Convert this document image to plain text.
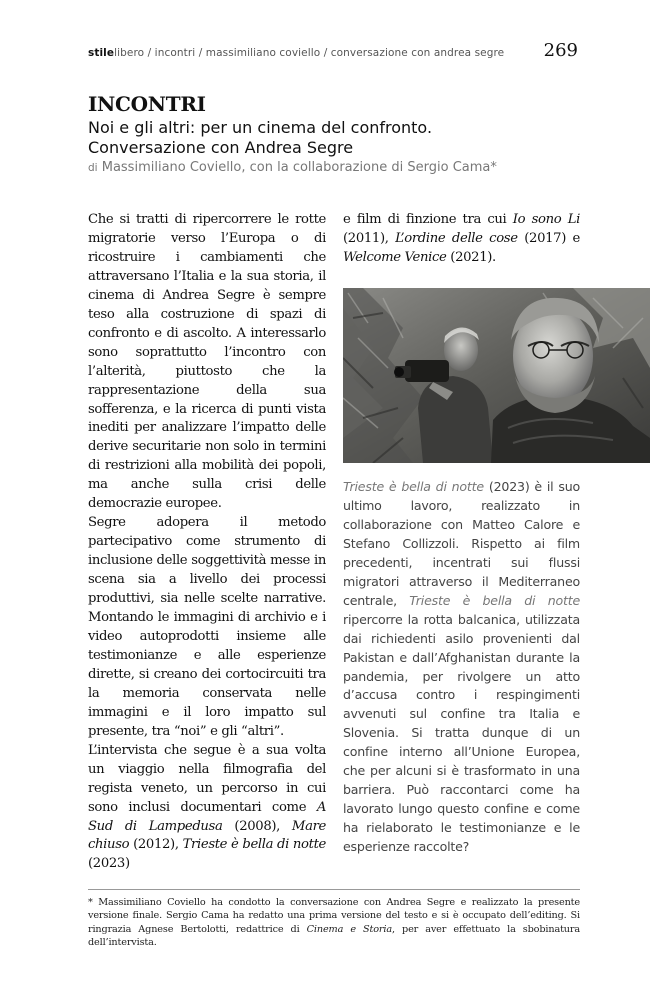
stilelibero / incontri / massimiliano coviello / conversazione con andrea segre 269
INCONTRI
Noi e gli altri: per un cinema del confronto.
Conversazione con Andrea Segre
di Massimiliano Coviello, con la collaborazione di Sergio Cama*

Che si tratti di ripercorrere le rotte migratorie verso l’Europa o di ricostruire i cambiamenti che attraversano l’Italia e la sua storia, il cinema di Andrea Segre è sempre teso alla costruzione di spazi di confronto e di ascolto. A interessarlo sono soprattutto l’incontro con l’alterità, piuttosto che la rappresentazione della sua sofferenza, e la ricerca di punti vista inediti per analizzare l’impatto delle derive securitarie non solo in termini di restrizioni alla mobilità dei popoli, ma anche sulla crisi delle democrazie europee.

Segre adopera il metodo partecipativo come strumento di inclusione delle soggettività messe in scena sia a livello dei processi produttivi, sia nelle scelte narrative. Montando le immagini di archivio e i video autoprodotti insieme alle testimonianze e alle esperienze dirette, si creano dei cortocircuiti tra la memoria conservata nelle immagini e il loro impatto sul presente, tra “noi” e gli “altri”.

L’intervista che segue è a sua volta un viaggio nella filmografia del regista veneto, un percorso in cui sono inclusi documentari come A Sud di Lampedusa (2008), Mare chiuso (2012), Trieste è bella di notte (2023)

e film di finzione tra cui Io sono Li (2011), L’ordine delle cose (2017) e Welcome Venice (2021).

Trieste è bella di notte (2023) è il suo ultimo lavoro, realizzato in collaborazione con Matteo Calore e Stefano Collizzoli. Rispetto ai film precedenti, incentrati sui flussi migratori attraverso il Mediterraneo centrale, Trieste è bella di notte ripercorre la rotta balcanica, utilizzata dai richiedenti asilo provenienti dal Pakistan e dall’Afghanistan durante la pandemia, per rivolgere un atto d’accusa contro i respingimenti avvenuti sul confine tra Italia e Slovenia. Si tratta dunque di un confine interno all’Unione Europea, che per alcuni si è trasformato in una barriera. Può raccontarci come ha lavorato lungo questo confine e come ha rielaborato le testimonianze e le esperienze raccolte?

* Massimiliano Coviello ha condotto la conversazione con Andrea Segre e realizzato la presente versione finale. Sergio Cama ha redatto una prima versione del testo e si è occupato dell’editing. Si ringrazia Agnese Bertolotti, redattrice di Cinema e Storia, per aver effettuato la sbobinatura dell’intervista.
